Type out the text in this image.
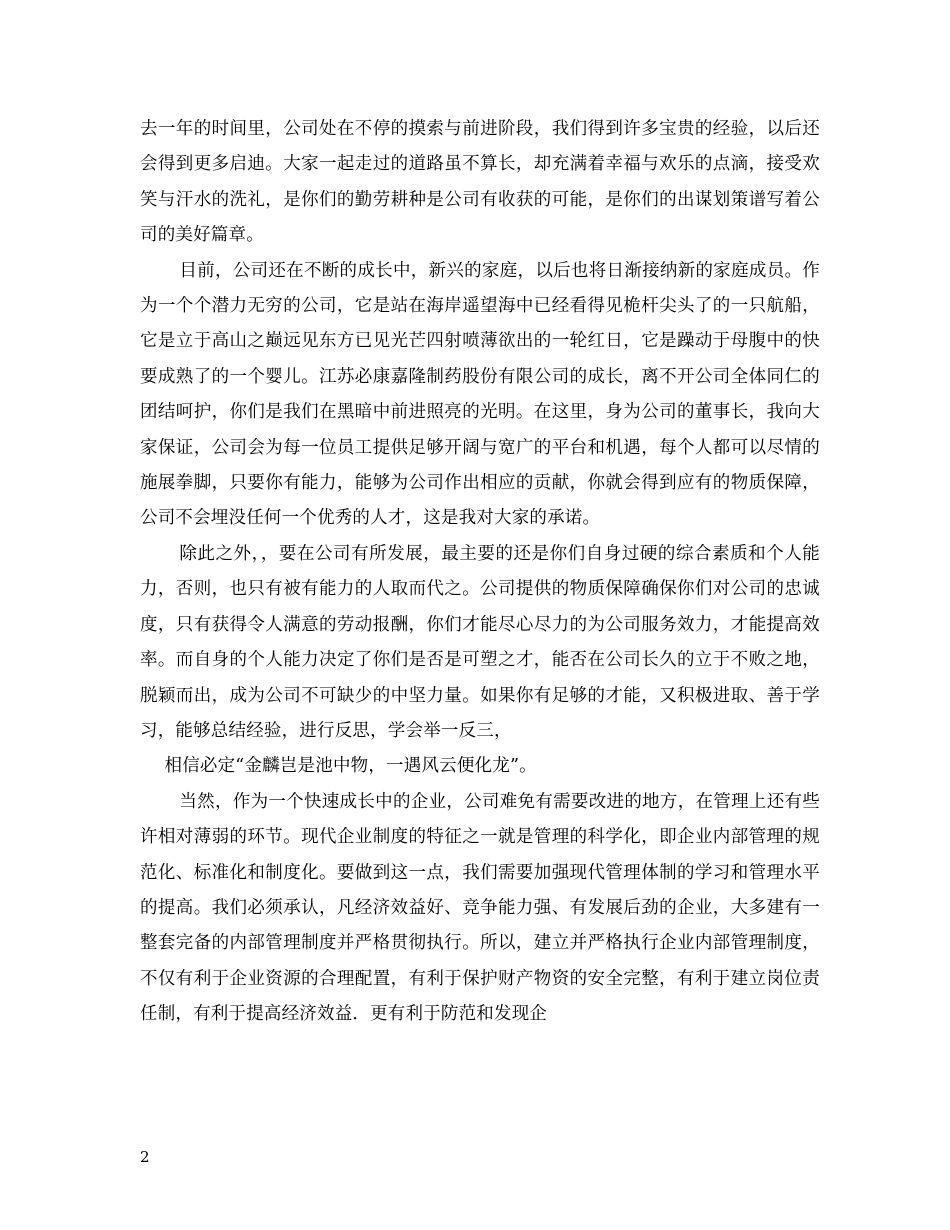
去一年的时间里，公司处在不停的摸索与前进阶段，我们得到许多宝贵的经验，以后还会得到更多启迪。大家一起走过的道路虽不算长，却充满着幸福与欢乐的点滴，接受欢笑与汗水的洗礼，是你们的勤劳耕种是公司有收获的可能，是你们的出谋划策谱写着公司的美好篇章。

目前，公司还在不断的成长中，新兴的家庭，以后也将日渐接纳新的家庭成员。作为一个个潜力无穷的公司，它是站在海岸遥望海中已经看得见桅杆尖头了的一只航船，它是立于高山之巅远见东方已见光芒四射喷薄欲出的一轮红日，它是躁动于母腹中的快要成熟了的一个婴儿。江苏必康嘉隆制药股份有限公司的成长，离不开公司全体同仁的团结呵护，你们是我们在黑暗中前进照亮的光明。在这里，身为公司的董事长，我向大家保证，公司会为每一位员工提供足够开阔与宽广的平台和机遇，每个人都可以尽情的施展拳脚，只要你有能力，能够为公司作出相应的贡献，你就会得到应有的物质保障，公司不会埋没任何一个优秀的人才，这是我对大家的承诺。

除此之外，，要在公司有所发展，最主要的还是你们自身过硬的综合素质和个人能力，否则，也只有被有能力的人取而代之。公司提供的物质保障确保你们对公司的忠诚度，只有获得令人满意的劳动报酬，你们才能尽心尽力的为公司服务效力，才能提高效率。而自身的个人能力决定了你们是否是可塑之才，能否在公司长久的立于不败之地，脱颖而出，成为公司不可缺少的中坚力量。如果你有足够的才能，又积极进取、善于学习，能够总结经验，进行反思，学会举一反三，

相信必定“金麟岂是池中物，一遇风云便化龙”。

当然，作为一个快速成长中的企业，公司难免有需要改进的地方，在管理上还有些许相对薄弱的环节。现代企业制度的特征之一就是管理的科学化，即企业内部管理的规范化、标准化和制度化。要做到这一点，我们需要加强现代管理体制的学习和管理水平的提高。我们必须承认，凡经济效益好、竞争能力强、有发展后劲的企业，大多建有一整套完备的内部管理制度并严格贯彻执行。所以，建立并严格执行企业内部管理制度，不仅有利于企业资源的合理配置，有利于保护财产物资的安全完整，有利于建立岗位责任制，有利于提高经济效益．更有利于防范和发现企

2
